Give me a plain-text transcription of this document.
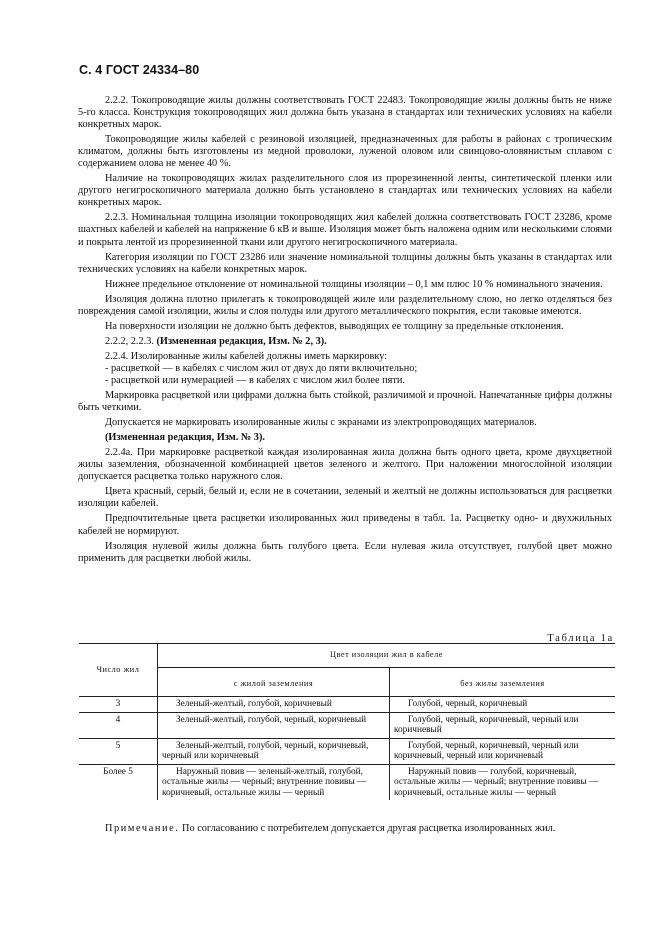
С. 4 ГОСТ 24334–80

2.2.2. Токопроводящие жилы должны соответствовать ГОСТ 22483. Токопроводящие жилы должны быть не ниже 5-го класса. Конструкция токопроводящих жил должна быть указана в стандартах или технических условиях на кабели конкретных марок.

Токопроводящие жилы кабелей с резиновой изоляцией, предназначенных для работы в районах с тропическим климатом, должны быть изготовлены из медной проволоки, луженой оловом или свинцово-оловянистым сплавом с содержанием олова не менее 40 %.

Наличие на токопроводящих жилах разделительного слоя из прорезиненной ленты, синтетической пленки или другого негигроскопичного материала должно быть установлено в стандартах или технических условиях на кабели конкретных марок.

2.2.3. Номинальная толщина изоляции токопроводящих жил кабелей должна соответствовать ГОСТ 23286, кроме шахтных кабелей и кабелей на напряжение 6 кВ и выше. Изоляция может быть наложена одним или несколькими слоями и покрыта лентой из прорезиненной ткани или другого негигроскопичного материала.

Категория изоляции по ГОСТ 23286 или значение номинальной толщины должны быть указаны в стандартах или технических условиях на кабели конкретных марок.

Нижнее предельное отклонение от номинальной толщины изоляции – 0,1 мм плюс 10 % номинального значения.

Изоляция должна плотно прилегать к токопроводящей жиле или разделительному слою, но легко отделяться без повреждения самой изоляции, жилы и слоя полуды или другого металлического покрытия, если таковые имеются.

На поверхности изоляции не должно быть дефектов, выводящих ее толщину за предельные отклонения.

2.2.2, 2.2.3. (Измененная редакция, Изм. № 2, 3).

2.2.4. Изолированные жилы кабелей должны иметь маркировку:

- расцветкой — в кабелях с числом жил от двух до пяти включительно;

- расцветкой или нумерацией — в кабелях с числом жил более пяти.

Маркировка расцветкой или цифрами должна быть стойкой, различимой и прочной. Напечатанные цифры должны быть четкими.

Допускается не маркировать изолированные жилы с экранами из электропроводящих материалов.

(Измененная редакция, Изм. № 3).

2.2.4а. При маркировке расцветкой каждая изолированная жила должна быть одного цвета, кроме двухцветной жилы заземления, обозначенной комбинацией цветов зеленого и желтого. При наложении многослойной изоляции допускается расцветка только наружного слоя.

Цвета красный, серый, белый и, если не в сочетании, зеленый и желтый не должны использоваться для расцветки изоляции кабелей.

Предпочтительные цвета расцветки изолированных жил приведены в табл. 1а. Расцветку одно- и двухжильных кабелей не нормируют.

Изоляция нулевой жилы должна быть голубого цвета. Если нулевая жила отсутствует, голубой цвет можно применить для расцветки любой жилы.

Таблица 1а
Число жил	Цвет изоляции жил в кабеле	
	с жилой заземления	без жилы заземления
3	Зеленый-желтый, голубой, коричневый	Голубой, черный, коричневый
4	Зеленый-желтый, голубой, черный, коричневый	Голубой, черный, коричневый, черный или коричневый
5	Зеленый-желтый, голубой, черный, коричневый, черный или коричневый	Голубой, черный, коричневый, черный или коричневый, черный или коричневый
Более 5	Наружный повив — зеленый-желтый, голубой, остальные жилы — черный; внутренние повивы — коричневый, остальные жилы — черный	Наружный повив — голубой, коричневый, остальные жилы — черный; внутренние повивы — коричневый, остальные жилы — черный
Примечание. По согласованию с потребителем допускается другая расцветка изолированных жил.
